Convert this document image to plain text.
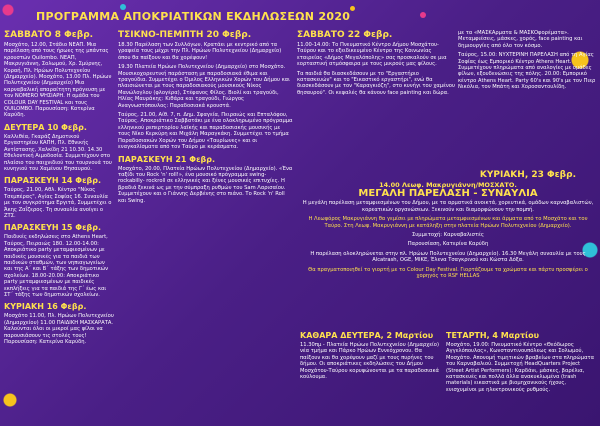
ΠΡΟΓΡΑΜΜΑ ΑΠΟΚΡΙΑΤΙΚΩΝ ΕΚΔΗΛΩΣΕΩΝ 2020
ΣΑΒΒΑΤΟ 8 Φεβρ.

Μοσχάτο, 12.00, Στάδιο ΝΕΑΠ. Μια παρέλαση από τους ήρωες της μπάντας κρουστών Quilombo. ΝΕΑΠ, Μακρυγιάννη, Σολωμού, Χρ. Σμύρνης, Κοραή, Πλ. Ηρώων Πολυτεχνείου (Δημαρχείο). Μοσχάτο, 13.00 Πλ. Ηρώων Πολυτεχνείου (Δημαρχείο) Μια καρναβαλική απαραίτητη πρόγευση με τον NOMERO ΨΗΣΙΑΡΗ. Η ομάδα του COLOUR DAY FESTIVAL και τους QUILOMBO. Παρουσίαση: Κατερίνα Καρύδη.

ΔΕΥΤΕΡΑ 10 Φεβρ.

Καλλιθέα, Γκαράζ Δημοτικού Εργαστηρίου ΚΑΠΗ, Πλ. Εθνικής Αντίστασης, Χαλκίδη 21 10.30. 14.30 Εθελοντική Αιμοδοσία. Συμμετέχουν στο πλαίσιο του παιχνιδιού του τουρνουά του κυνηγιού του Χαμένου Θησαυρού.

ΠΑΡΑΣΚΕΥΗ 14 Φεβρ.

Ταύρος, 21.00, Αθλ. Κέντρο "Νίκος Τσεμπέρας", Αγίας Σοφίας 16. Συναυλία με τον συγκρότημα Εργιτά, Συμμετέχει ο Άκης Ζαΐζερος. Τη συναυλία ανοίγει ο ΖΤΣ.

ΠΑΡΑΣΚΕΥΗ 15 Φεβρ.

Παιδικές εκδηλώσεις στο Athens Heart, Ταύρος, Πειραιώς 180. 12.00-14.00: Αποκριάτικο party μεταμφιεσμένων με παιδικές μουσικές για τα παιδιά των παιδικών σταθμών, των νηπιαγωγείων και της Α΄ και Β΄ τάξης των δημοτικών σχολείων. 18.00-20.00: Αποκριάτικο party μεταμφιεσμένων με παιδικές εκπλήξεις για τα παιδιά της Γ΄ έως και ΣΤ΄ τάξης των δημοτικών σχολείων.

ΚΥΡΙΑΚΗ 16 Φεβρ.

Μοσχάτο 11.00, Πλ. Ηρώων Πολυτεχνείου (Δημαρχείου) 11.00 ΠΑΙΔΙΚΗ ΜΑΣΚΑΡΑΤΑ. Καλούνται όλοι οι μικροί μας φίλοι να παρουσιάσουν τις στολές τους! Παρουσίαση: Κατερίνα Καρύδη.

ΤΣΙΚΝΟ-ΠΕΜΠΤΗ 20 Φεβρ.

18.30 Παρέλαση των Συλλόγων. Κρατάει με κεντρικό από τα γραφεία τους μέχρι την Πλ. Ηρώων Πολυτεχνείου (Δημαρχείο) όπου θα παίξουν και θα χορέψουν!

19.30 Πλατεία Ηρώων Πολυτεχνείου (Δημαρχείο) στο Μοσχάτο. Μουσικοχορευτική παράσταση με παραδοσιακά έθιμα και τραγούδια. Συμμετέχει ο Όμιλος Ελληνικών Χορών του Δήμου και πλαισιώνεται με τους παραδοσιακούς μουσικούς Νίκος Μανώλογλου (φλογέρα), Στέφανος Φίλος. Βιολί και τραγούδι, Ηλίας Μαυράκης: Κιθάρα και τραγούδι, Γιώργος Αναγνωστόπουλος: Παραδοσιακά κρουστά.

Ταύρος, 21.00, Αίθ. 7, π. Δημ. Σφαγεία, Πειραιώς και Επταλόφου, Ταύρος. Αποκριάτικο Σαββατάκι με ένα ολοκληρωμένο πρόγραμμα ελληνικού ρεπερτορίου λαϊκής και παραδοσιακής μουσικής με τους Νίκο Κερκύρη και Μιχάλη Μαραγκάκη. Συμμετέχει το τμήμα Παραδοσιακών Χορών του Δήμου «Ταυρίωνες» και οι εναγκαλίσματα από τον Ταύρο με κεράσματα.

ΠΑΡΑΣΚΕΥΗ 21 Φεβρ.

Μοσχάτο, 20.00, Πλατεία Ηρώων Πολυτεχνείου (Δημαρχείο). «Ένα ταξίδι του Rock 'n' roll!», ένα μουσικό πρόγραμμα swing- rockabilly- rockroll σε ελληνικές και ξένες μουσικές επιτυχίες. Η βραδιά ξεκινά ως με την σύμπραξη ρυθμών του Sam Λαρισαίου. Συμμετέχουν και ο Γιάννης Δερβένης στο πιάνο. Το Rock 'n' Roll και Swing.

ΣΑΒΒΑΤΟ 22 Φεβρ.

11.00-14.00: Το Πνευματικό Κέντρο Δήμου Μοσχάτου-Ταύρου και το εξειδικευμένο Κέντρο της Κοινωνίας εταιρείας «Δήμος Μεγαλόπολης» σας προσκαλούν σε μια εορταστική ατμόσφαιρα με τους μικρούς μας φίλους.

Τα παιδιά θα διασκεδάσουν με το "Εργαστήριο κατασκευών" και το "Εικαστικό εργαστήρι", ενώ θα διασκεδάσουν με τον "Καραγκιόζη", στο κυνήγι του χαμένου θησαυρού". Οι κεφαλές θα κάνουν face painting και δώρα.

με τα «ΜΑΣΚΑρματα & ΜΑΣΚΟφορέματα». Μεταμφιέσεις, μάσκες, χορός, face painting και δημιουργίες από όλο τον κόσμο.

Ταύρος, 15.00: ΝΥΧΤΕΡΙΝΗ ΠΑΡΕΛΑΣΗ από τη Αγίας Σοφίας έως Εμπορικό Κέντρο Athens Heart. Συμμετέχουν πληρώματα από αναλογίες με ομάδες φίλων, εξουδενώσεις της πόλης. 20.00: Εμπορικό κέντρο Athens Heart. Party 60's και 90's με τον Πιερ Νικόλια, τον Μπάτη και Χοροσαντουλίδη.

ΚΥΡΙΑΚΗ, 23 Φεβρ.
14.00 Λεωφ. Μακρυγιάννη/ΜΟΣΧΑΤΟ.
ΜΕΓΑΛΗ ΠΑΡΕΛΑΣΗ - ΣΥΝΑΥΛΙΑ

Η μεγάλη παρέλαση μεταμφιεσμένων του Δήμου, με τα αρματικά ανοικτά, χορευτικά, ομάδων καρναβαλιστών, κορεατικών οργανώσεων. Ξεκινούν και διαμορφώνουν την πομπή.

Η Λεωφόρος Μακρυγιάννη θα γεμίσει με πληρώματα μεταμφιεσμένων και άρματα από το Μοσχάτο και τον Ταύρο. Στη Λεωφ. Μακρυγιάννη με κατάληξη στην πλατεία Ηρώων Πολυτεχνείου (Δημαρχείο).

Συμμετοχή: Καρναβαλιστές

Παρουσίαση, Κατερίνα Καρύδη

Η παρέλαση ολοκληρώνεται στην πλ. Ηρώων Πολυτεχνείου (Δημαρχείο). 16.30 Μεγάλη συναυλία με τους Alcatrash, OGE, MIKE, Έλενα Τσαγκρινού και Κώστα Δόξα.

Θα πραγματοποιηθεί το γιορτή με το Colour Day Festival. Γιορτάζουμε τα χρώματα και πάρτυ προσφέρει ο χορηγός το RSF HELLAS

ΚΑΘΑΡΑ ΔΕΥΤΕΡΑ, 2 Μαρτίου

11.30πμ - Πλατεία Ηρώων Πολυτεχνείου (Δημαρχείο) νέα τμήμα και Πάρκο Ηρώων Εννεόχρονου. Θα παίξουν και θα χορέψουν μαζί με τους πυρήνες του δήμου. Οι αποκριάτικες εκδηλώσεις του Δήμου Μοσχάτου-Ταύρου κορυφώνονται με τα παραδοσιακά κούλουμα.

ΤΕΤΑΡΤΗ, 4 Μαρτίου

Μοσχάτο, 19.00: Πνευματικό Κέντρο «Θεόδωρος Αγγελόπουλος», Κωνσταντινουπόλεως και Σολωμού, Μοσχάτο. Απονομή τιμητικών βραβείων στα πληρώματα του Καρναβαλιού. Συμμετοχή HeadQuarters Project (Street Artist Performers): Καρδάνι, μάσκες, βαρέλια, κατασκευές και πολλά άλλα ανακυκλωμένα (trash materials) εικαστικά με βιομηχανικούς ήχους, ενισχυμένοι με ηλεκτρονικούς ρυθμούς.
